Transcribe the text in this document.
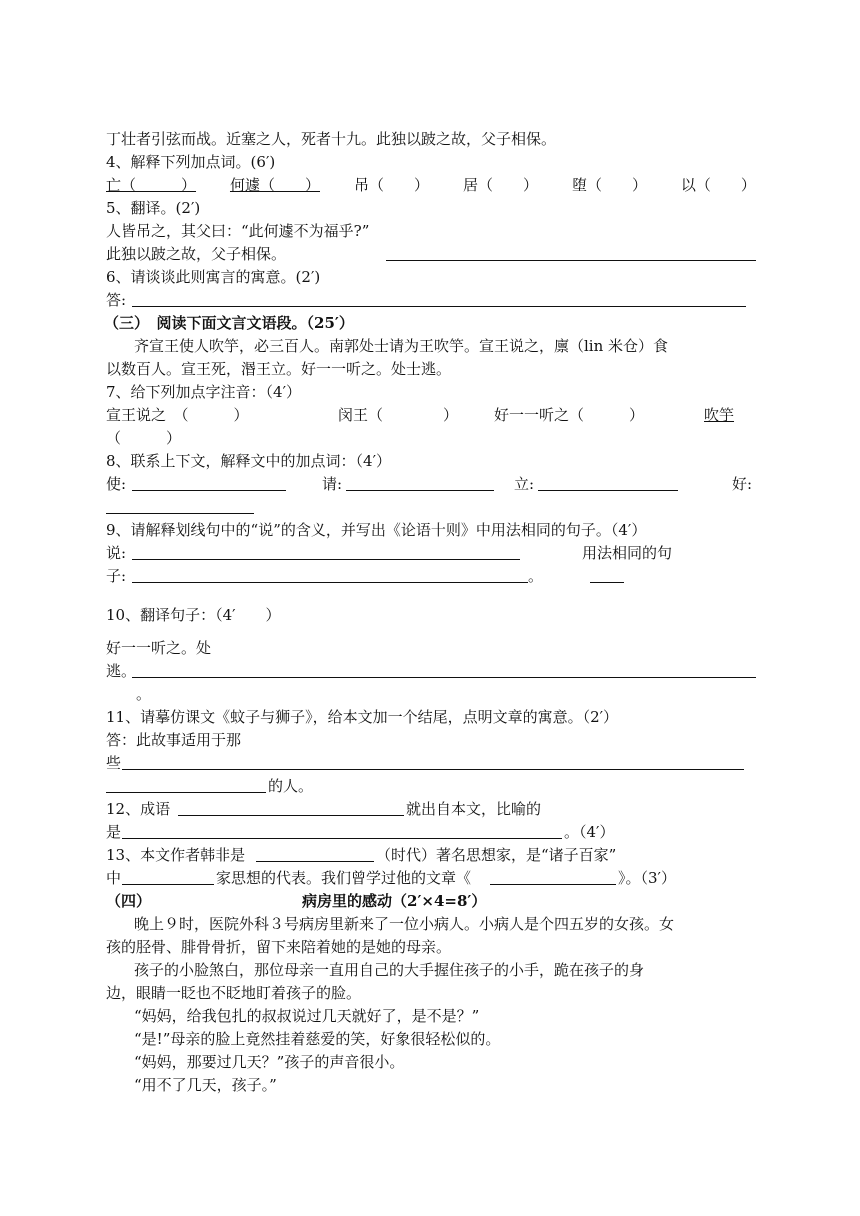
丁壮者引弦而战。近塞之人，死者十九。此独以跛之故，父子相保。
4、解释下列加点词。(6′)
亡（　　　） 何遽（　　） 吊（　　） 居（　　） 堕（　　） 以（　　）
5、翻译。(2′)
人皆吊之，其父曰：“此何遽不为福乎?”
此独以跛之故，父子相保。
6、请谈谈此则寓言的寓意。(2′)
答:
（三）　阅读下面文言文语段。（25′）
齐宣王使人吹竽，必三百人。南郭处士请为王吹竽。宣王说之，廪（lin 米仓）食
以数百人。宣王死，湣王立。好一一听之。处士逃。
7、给下列加点字注音：（4′）
宣王说之　（　　　）	闵王（　　　　） 好一一听之（　　　）	吹竽
（　　　）
8、联系上下文，解释文中的加点词：（4′）
使:	请:	立:	好:
9、请解释划线句中的“说”的含义，并写出《论语十则》中用法相同的句子。（4′）
说:	用法相同的句
子:	。
10、翻译句子：（4′　　）
好一一听之。处
逃。
。
11、请摹仿课文《蚊子与狮子》，给本文加一个结尾，点明文章的寓意。（2′）
答：此故事适用于那
些
的人。
12、成语	就出自本文，比喻的
是	。（4′）
13、本文作者韩非是	（时代）著名思想家，是“诸子百家”
中	家思想的代表。我们曾学过他的文章《	》。（3′）
（四）	病房里的感动（2′×4=8′）
晚上９时，医院外科３号病房里新来了一位小病人。小病人是个四五岁的女孩。女
孩的胫骨、腓骨骨折，留下来陪着她的是她的母亲。
孩子的小脸煞白，那位母亲一直用自己的大手握住孩子的小手，跪在孩子的身
边，眼睛一眨也不眨地盯着孩子的脸。
“妈妈，给我包扎的叔叔说过几天就好了，是不是？”
“是!”母亲的脸上竟然挂着慈爱的笑，好象很轻松似的。
“妈妈，那要过几天？”孩子的声音很小。
“用不了几天，孩子。”
